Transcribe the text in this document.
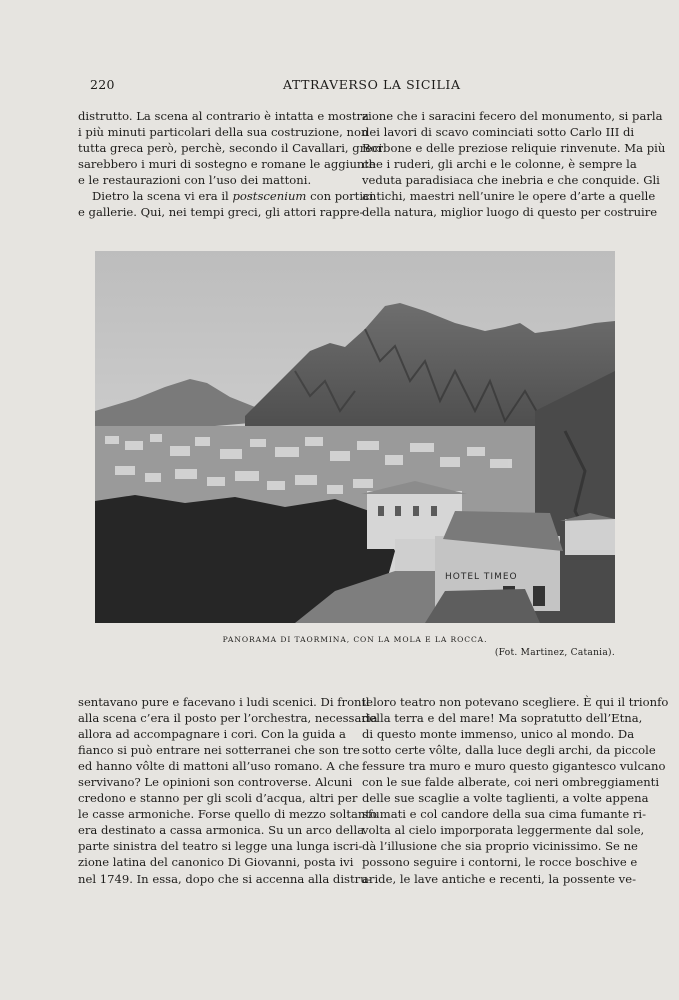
220	ATTRAVERSO LA SICILIA

distrutto. La scena al contrario è intatta e mostra
i più minuti particolari della sua costruzione, non
tutta greca però, perchè, secondo il Cavallari, greci
sarebbero i muri di sostegno e romane le aggiunte
e le restaurazioni con l’uso dei mattoni.

Dietro la scena vi era il postscenium con portici
e gallerie. Qui, nei tempi greci, gli attori rappre-

zione che i saracini fecero del monumento, si parla
dei lavori di scavo cominciati sotto Carlo III di
Borbone e delle preziose reliquie rinvenute. Ma più
che i ruderi, gli archi e le colonne, è sempre la
veduta paradisiaca che inebria e che conquide. Gli
antichi, maestri nell’unire le opere d’arte a quelle
della natura, miglior luogo di questo per costruire

HOTEL TIMEO
PANORAMA DI TAORMINA, CON LA MOLA E LA ROCCA.
(Fot. Martinez, Catania).

sentavano pure e facevano i ludi scenici. Di fronte
alla scena c’era il posto per l’orchestra, necessaria
allora ad accompagnare i cori. Con la guida a
fianco si può entrare nei sotterranei che son tre
ed hanno vôlte di mattoni all’uso romano. A che
servivano? Le opinioni son controverse. Alcuni
credono e stanno per gli scoli d’acqua, altri per
le casse armoniche. Forse quello di mezzo soltanto
era destinato a cassa armonica. Su un arco della
parte sinistra del teatro si legge una lunga iscri-
zione latina del canonico Di Giovanni, posta ivi
nel 1749. In essa, dopo che si accenna alla distru-

il loro teatro non potevano scegliere. È qui il trionfo
della terra e del mare! Ma sopratutto dell’Etna,
di questo monte immenso, unico al mondo. Da
sotto certe vôlte, dalla luce degli archi, da piccole
fessure tra muro e muro questo gigantesco vulcano
con le sue falde alberate, coi neri ombreggiamenti
delle sue scaglie a volte taglienti, a volte appena
sfumati e col candore della sua cima fumante ri-
volta al cielo imporporata leggermente dal sole,
dà l’illusione che sia proprio vicinissimo. Se ne
possono seguire i contorni, le rocce boschive e
aride, le lave antiche e recenti, la possente ve-
